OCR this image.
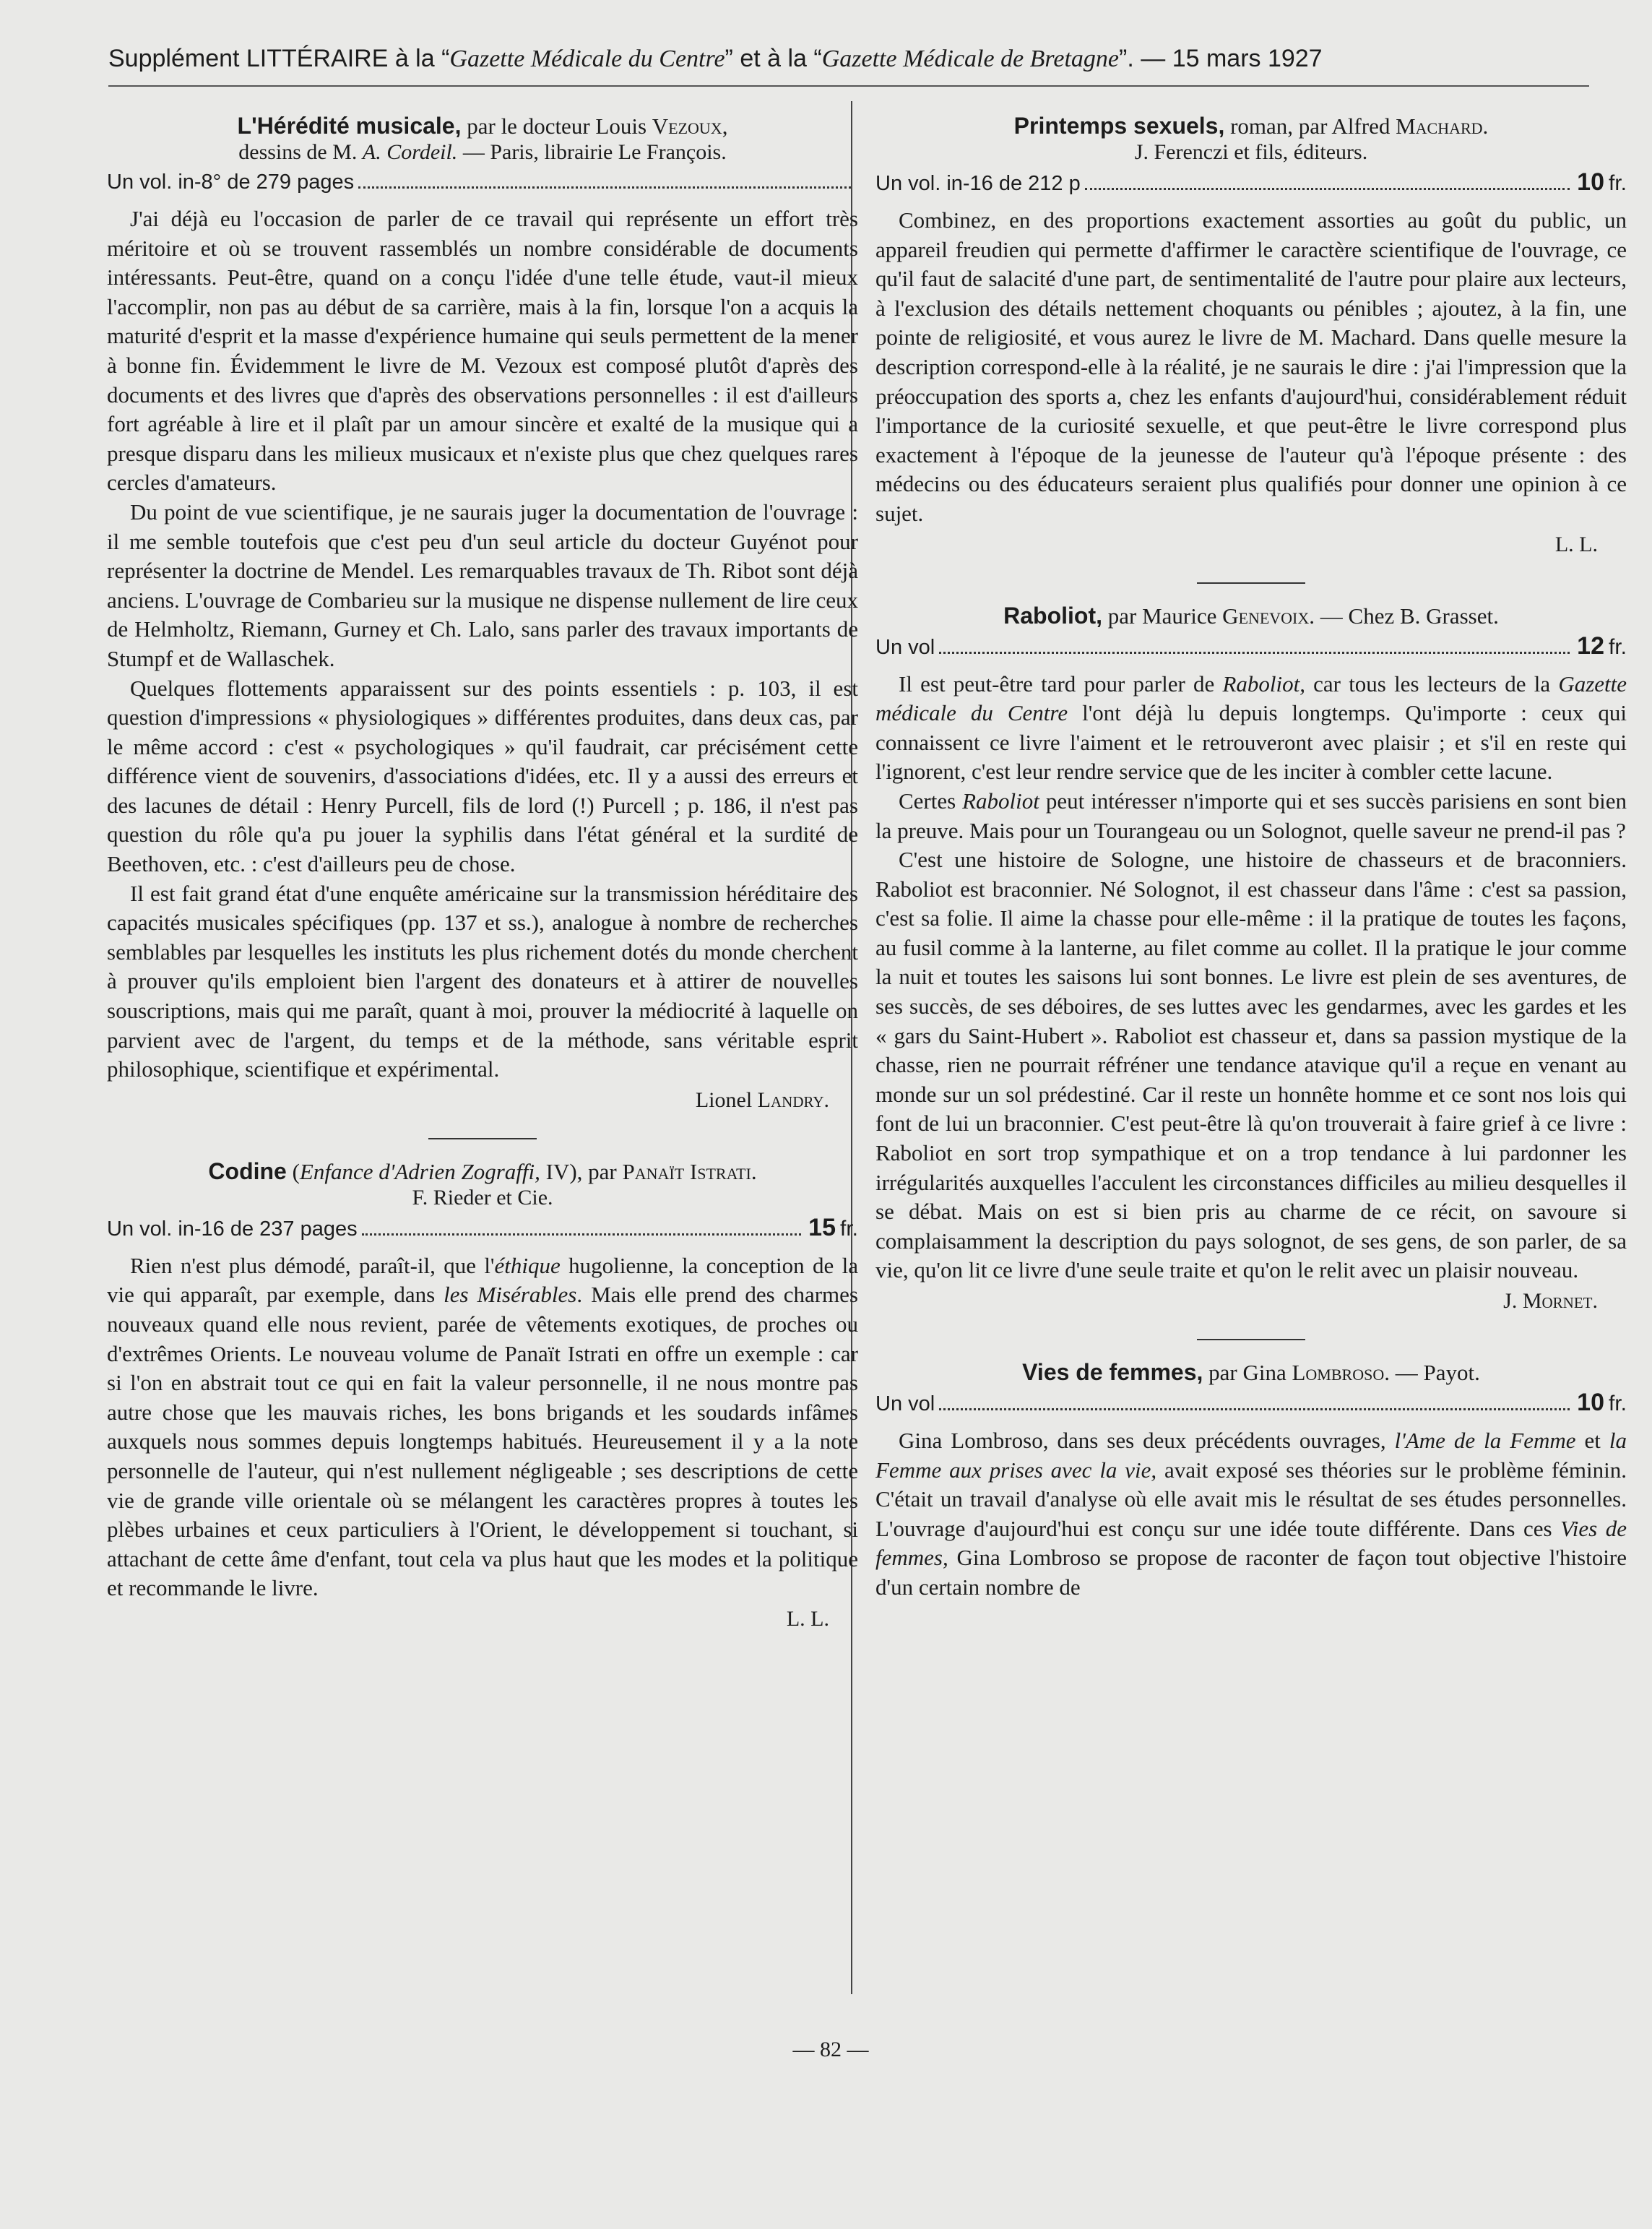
Supplément LITTÉRAIRE à la “Gazette Médicale du Centre” et à la “Gazette Médicale de Bretagne”. — 15 mars 1927
L'Hérédité musicale, par le docteur Louis Vezoux,
dessins de M. A. Cordeil. — Paris, librairie Le François.
Un vol. in-8° de 279 pages

J'ai déjà eu l'occasion de parler de ce travail qui représente un effort très méritoire et où se trouvent rassemblés un nombre considérable de documents intéressants. Peut-être, quand on a conçu l'idée d'une telle étude, vaut-il mieux l'accomplir, non pas au début de sa carrière, mais à la fin, lorsque l'on a acquis la maturité d'esprit et la masse d'expérience humaine qui seuls permettent de la mener à bonne fin. Évidemment le livre de M. Vezoux est composé plutôt d'après des documents et des livres que d'après des observations personnelles : il est d'ailleurs fort agréable à lire et il plaît par un amour sincère et exalté de la musique qui a presque disparu dans les milieux musicaux et n'existe plus que chez quelques rares cercles d'amateurs.

Du point de vue scientifique, je ne saurais juger la documentation de l'ouvrage : il me semble toutefois que c'est peu d'un seul article du docteur Guyénot pour représenter la doctrine de Mendel. Les remarquables travaux de Th. Ribot sont déjà anciens. L'ouvrage de Combarieu sur la musique ne dispense nullement de lire ceux de Helmholtz, Riemann, Gurney et Ch. Lalo, sans parler des travaux importants de Stumpf et de Wallaschek.

Quelques flottements apparaissent sur des points essentiels : p. 103, il est question d'impressions « physiologiques » différentes produites, dans deux cas, par le même accord : c'est « psychologiques » qu'il faudrait, car précisément cette différence vient de souvenirs, d'associations d'idées, etc. Il y a aussi des erreurs et des lacunes de détail : Henry Purcell, fils de lord (!) Purcell ; p. 186, il n'est pas question du rôle qu'a pu jouer la syphilis dans l'état général et la surdité de Beethoven, etc. : c'est d'ailleurs peu de chose.

Il est fait grand état d'une enquête américaine sur la transmission héréditaire des capacités musicales spécifiques (pp. 137 et ss.), analogue à nombre de recherches semblables par lesquelles les instituts les plus richement dotés du monde cherchent à prouver qu'ils emploient bien l'argent des donateurs et à attirer de nouvelles souscriptions, mais qui me paraît, quant à moi, prouver la médiocrité à laquelle on parvient avec de l'argent, du temps et de la méthode, sans véritable esprit philosophique, scientifique et expérimental.

Lionel Landry.
Codine (Enfance d'Adrien Zograffi, IV), par Panaït Istrati.
F. Rieder et Cie.
Un vol. in-16 de 237 pages	15 fr.

Rien n'est plus démodé, paraît-il, que l'éthique hugolienne, la conception de la vie qui apparaît, par exemple, dans les Misérables. Mais elle prend des charmes nouveaux quand elle nous revient, parée de vêtements exotiques, de proches ou d'extrêmes Orients. Le nouveau volume de Panaït Istrati en offre un exemple : car si l'on en abstrait tout ce qui en fait la valeur personnelle, il ne nous montre pas autre chose que les mauvais riches, les bons brigands et les soudards infâmes auxquels nous sommes depuis longtemps habitués. Heureusement il y a la note personnelle de l'auteur, qui n'est nullement négligeable ; ses descriptions de cette vie de grande ville orientale où se mélangent les caractères propres à toutes les plèbes urbaines et ceux particuliers à l'Orient, le développement si touchant, si attachant de cette âme d'enfant, tout cela va plus haut que les modes et la politique et recommande le livre.

L. L.
Printemps sexuels, roman, par Alfred Machard.
J. Ferenczi et fils, éditeurs.
Un vol. in-16 de 212 p	10 fr.

Combinez, en des proportions exactement assorties au goût du public, un appareil freudien qui permette d'affirmer le caractère scientifique de l'ouvrage, ce qu'il faut de salacité d'une part, de sentimentalité de l'autre pour plaire aux lecteurs, à l'exclusion des détails nettement choquants ou pénibles ; ajoutez, à la fin, une pointe de religiosité, et vous aurez le livre de M. Machard. Dans quelle mesure la description correspond-elle à la réalité, je ne saurais le dire : j'ai l'impression que la préoccupation des sports a, chez les enfants d'aujourd'hui, considérablement réduit l'importance de la curiosité sexuelle, et que peut-être le livre correspond plus exactement à l'époque de la jeunesse de l'auteur qu'à l'époque présente : des médecins ou des éducateurs seraient plus qualifiés pour donner une opinion à ce sujet.

L. L.
Raboliot, par Maurice Genevoix. — Chez B. Grasset.
Un vol	12 fr.

Il est peut-être tard pour parler de Raboliot, car tous les lecteurs de la Gazette médicale du Centre l'ont déjà lu depuis longtemps. Qu'importe : ceux qui connaissent ce livre l'aiment et le retrouveront avec plaisir ; et s'il en reste qui l'ignorent, c'est leur rendre service que de les inciter à combler cette lacune.

Certes Raboliot peut intéresser n'importe qui et ses succès parisiens en sont bien la preuve. Mais pour un Tourangeau ou un Solognot, quelle saveur ne prend-il pas ?

C'est une histoire de Sologne, une histoire de chasseurs et de braconniers. Raboliot est braconnier. Né Solognot, il est chasseur dans l'âme : c'est sa passion, c'est sa folie. Il aime la chasse pour elle-même : il la pratique de toutes les façons, au fusil comme à la lanterne, au filet comme au collet. Il la pratique le jour comme la nuit et toutes les saisons lui sont bonnes. Le livre est plein de ses aventures, de ses succès, de ses déboires, de ses luttes avec les gendarmes, avec les gardes et les « gars du Saint-Hubert ». Raboliot est chasseur et, dans sa passion mystique de la chasse, rien ne pourrait réfréner une tendance atavique qu'il a reçue en venant au monde sur un sol prédestiné. Car il reste un honnête homme et ce sont nos lois qui font de lui un braconnier. C'est peut-être là qu'on trouverait à faire grief à ce livre : Raboliot en sort trop sympathique et on a trop tendance à lui pardonner les irrégularités auxquelles l'acculent les circonstances difficiles au milieu desquelles il se débat. Mais on est si bien pris au charme de ce récit, on savoure si complaisamment la description du pays solognot, de ses gens, de son parler, de sa vie, qu'on lit ce livre d'une seule traite et qu'on le relit avec un plaisir nouveau.

J. Mornet.
Vies de femmes, par Gina Lombroso. — Payot.
Un vol	10 fr.

Gina Lombroso, dans ses deux précédents ouvrages, l'Ame de la Femme et la Femme aux prises avec la vie, avait exposé ses théories sur le problème féminin. C'était un travail d'analyse où elle avait mis le résultat de ses études personnelles. L'ouvrage d'aujourd'hui est conçu sur une idée toute différente. Dans ces Vies de femmes, Gina Lombroso se propose de raconter de façon tout objective l'histoire d'un certain nombre de

— 82 —
